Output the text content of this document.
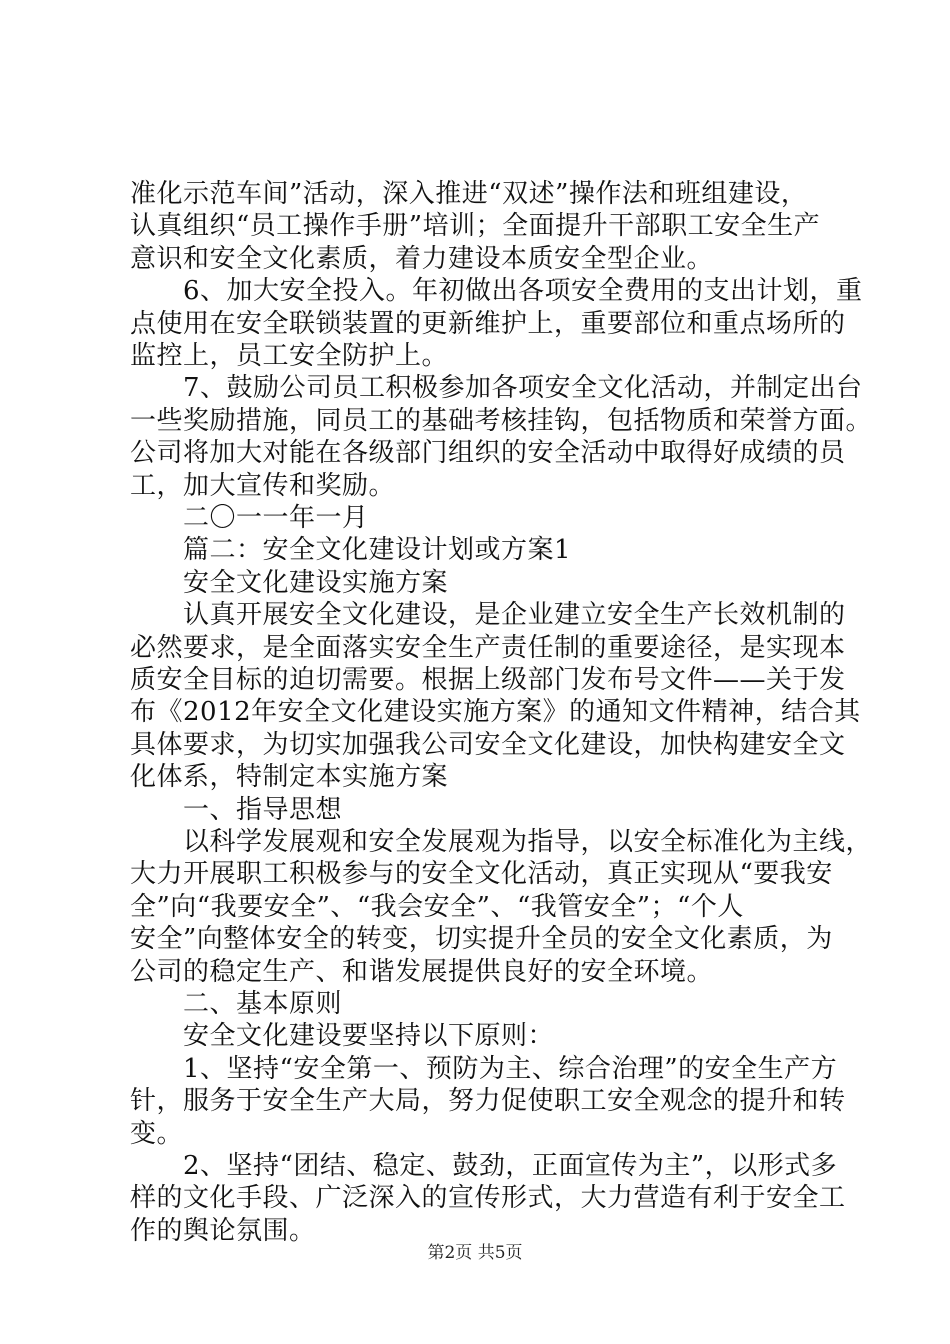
准化示范车间”活动，深入推进“双述”操作法和班组建设，
认真组织“员工操作手册”培训；全面提升干部职工安全生产
意识和安全文化素质，着力建设本质安全型企业。
　　6、加大安全投入。年初做出各项安全费用的支出计划，重
点使用在安全联锁装置的更新维护上，重要部位和重点场所的
监控上，员工安全防护上。
　　7、鼓励公司员工积极参加各项安全文化活动，并制定出台
一些奖励措施，同员工的基础考核挂钩，包括物质和荣誉方面。
公司将加大对能在各级部门组织的安全活动中取得好成绩的员
工，加大宣传和奖励。
　　二〇一一年一月
　　篇二：安全文化建设计划或方案1
　　安全文化建设实施方案
　　认真开展安全文化建设，是企业建立安全生产长效机制的
必然要求，是全面落实安全生产责任制的重要途径，是实现本
质安全目标的迫切需要。根据上级部门发布号文件——关于发
布《2012年安全文化建设实施方案》的通知文件精神，结合其
具体要求，为切实加强我公司安全文化建设，加快构建安全文
化体系，特制定本实施方案
　　一、指导思想
　　以科学发展观和安全发展观为指导，以安全标准化为主线，
大力开展职工积极参与的安全文化活动，真正实现从“要我安
全”向“我要安全”、“我会安全”、“我管安全”；“个人
安全”向整体安全的转变，切实提升全员的安全文化素质，为
公司的稳定生产、和谐发展提供良好的安全环境。
　　二、基本原则
　　安全文化建设要坚持以下原则：
　　1、坚持“安全第一、预防为主、综合治理”的安全生产方
针，服务于安全生产大局，努力促使职工安全观念的提升和转
变。
　　2、坚持“团结、稳定、鼓劲，正面宣传为主”，以形式多
样的文化手段、广泛深入的宣传形式，大力营造有利于安全工
作的舆论氛围。
第2页 共5页
